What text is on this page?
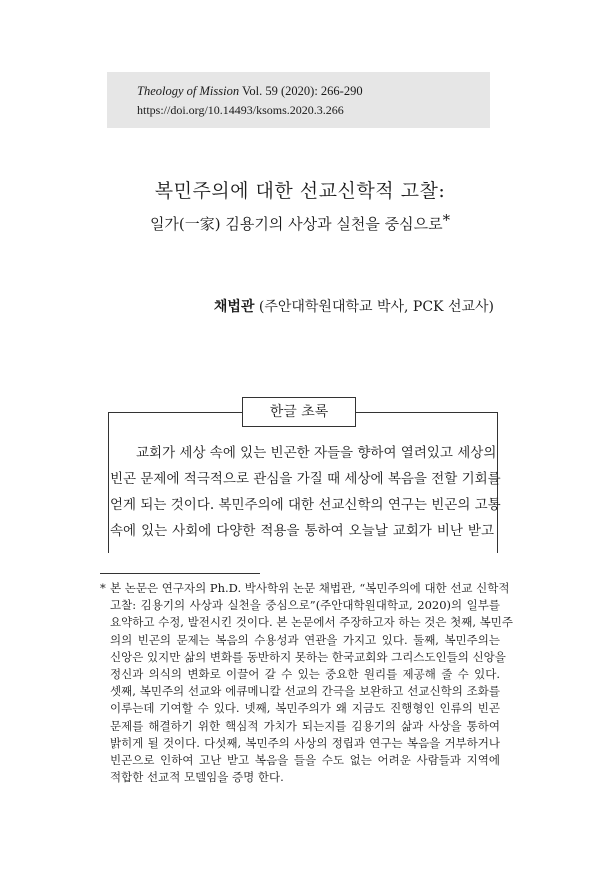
Theology of Mission Vol. 59 (2020): 266-290
https://doi.org/10.14493/ksoms.2020.3.266
복민주의에 대한 선교신학적 고찰:
일가(一家) 김용기의 사상과 실천을 중심으로*
채법관 (주안대학원대학교 박사, PCK 선교사)
한글 초록

교회가 세상 속에 있는 빈곤한 자들을 향하여 열려있고 세상의

빈곤 문제에 적극적으로 관심을 가질 때 세상에 복음을 전할 기회를

얻게 되는 것이다. 복민주의에 대한 선교신학의 연구는 빈곤의 고통

속에 있는 사회에 다양한 적용을 통하여 오늘날 교회가 비난 받고

* 본 논문은 연구자의 Ph.D. 박사학위 논문 채법관, “복민주의에 대한 선교 신학적
고찰: 김용기의 사상과 실천을 중심으로”(주안대학원대학교, 2020)의 일부를
요약하고 수정, 발전시킨 것이다. 본 논문에서 주장하고자 하는 것은 첫째, 복민주
의의 빈곤의 문제는 복음의 수용성과 연관을 가지고 있다. 둘째, 복민주의는
신앙은 있지만 삶의 변화를 동반하지 못하는 한국교회와 그리스도인들의 신앙을
정신과 의식의 변화로 이끌어 갈 수 있는 중요한 원리를 제공해 줄 수 있다.
셋째, 복민주의 선교와 에큐메니칼 선교의 간극을 보완하고 선교신학의 조화를
이루는데 기여할 수 있다. 넷째, 복민주의가 왜 지금도 진행형인 인류의 빈곤
문제를 해결하기 위한 핵심적 가치가 되는지를 김용기의 삶과 사상을 통하여
밝히게 될 것이다. 다섯째, 복민주의 사상의 정립과 연구는 복음을 거부하거나
빈곤으로 인하여 고난 받고 복음을 들을 수도 없는 어려운 사람들과 지역에
적합한 선교적 모델임을 증명 한다.
